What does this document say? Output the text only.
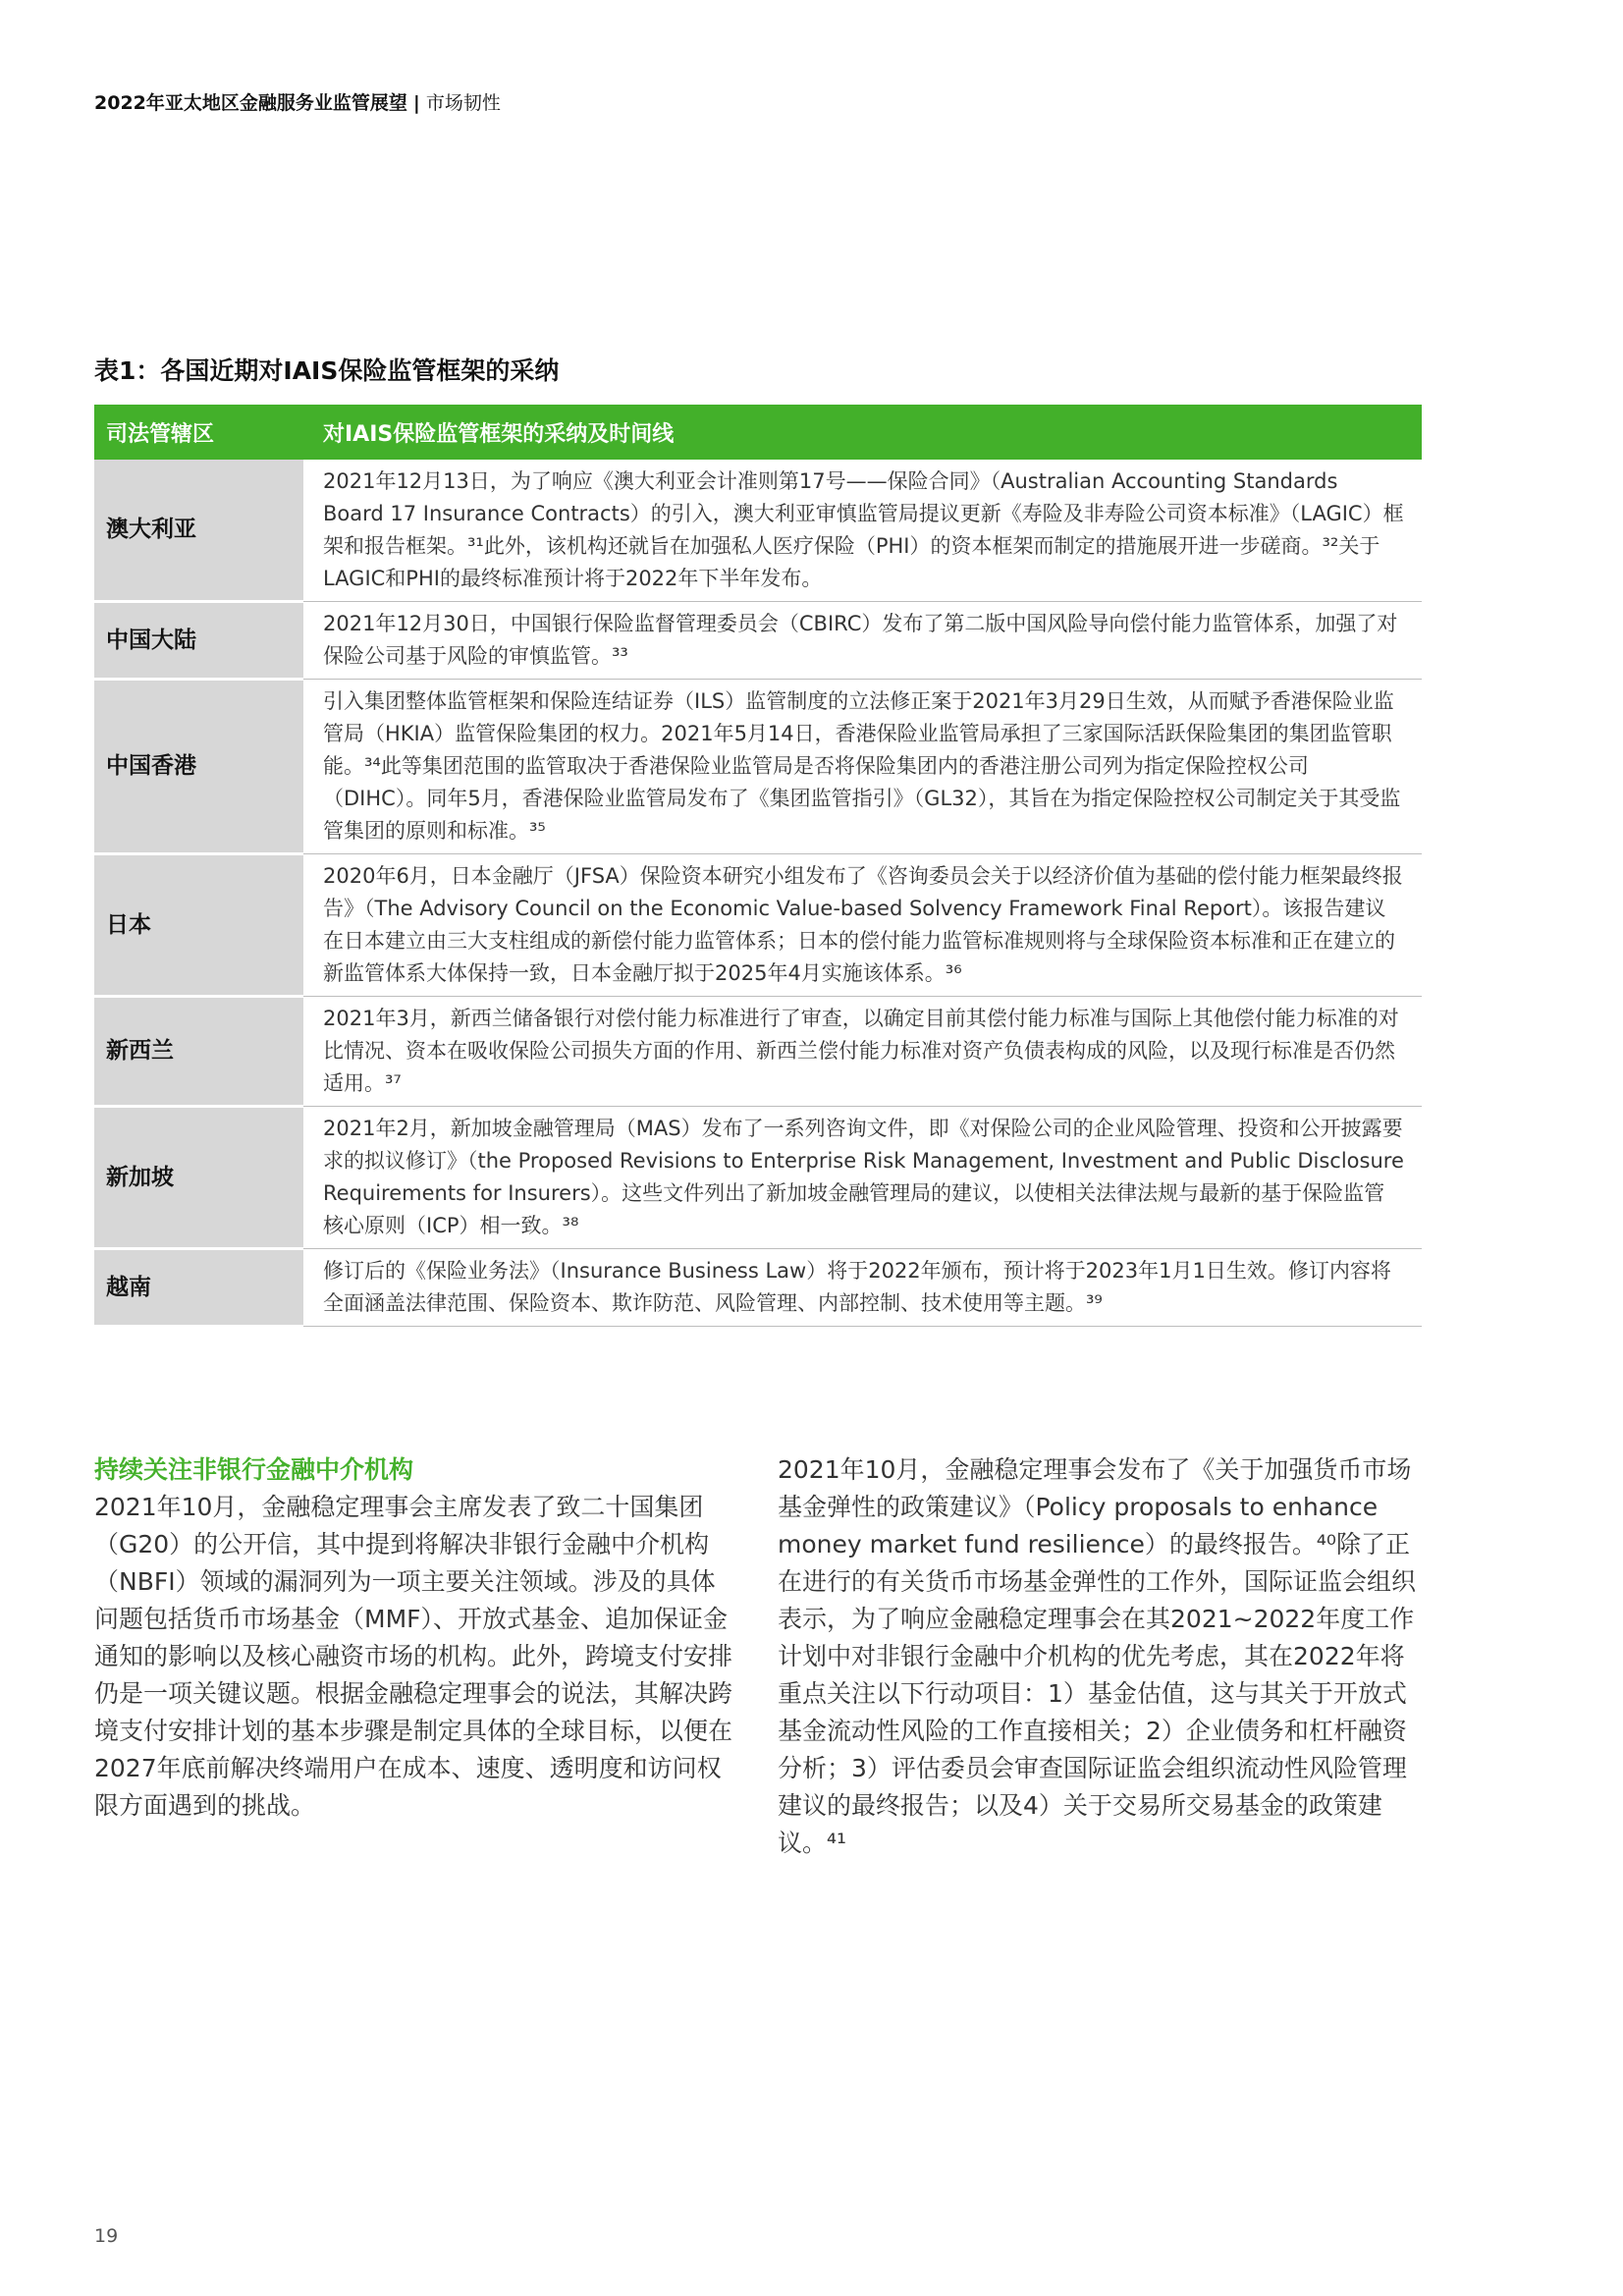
2022年亚太地区金融服务业监管展望 | 市场韧性
表1：各国近期对IAIS保险监管框架的采纳
司法管辖区	对IAIS保险监管框架的采纳及时间线
澳大利亚	2021年12月13日，为了响应《澳大利亚会计准则第17号——保险合同》（Australian Accounting Standards Board 17 Insurance Contracts）的引入，澳大利亚审慎监管局提议更新《寿险及非寿险公司资本标准》（LAGIC）框架和报告框架。³¹此外，该机构还就旨在加强私人医疗保险（PHI）的资本框架而制定的措施展开进一步磋商。³²关于LAGIC和PHI的最终标准预计将于2022年下半年发布。
中国大陆	2021年12月30日，中国银行保险监督管理委员会（CBIRC）发布了第二版中国风险导向偿付能力监管体系，加强了对保险公司基于风险的审慎监管。³³
中国香港	引入集团整体监管框架和保险连结证券（ILS）监管制度的立法修正案于2021年3月29日生效，从而赋予香港保险业监管局（HKIA）监管保险集团的权力。2021年5月14日，香港保险业监管局承担了三家国际活跃保险集团的集团监管职能。³⁴此等集团范围的监管取决于香港保险业监管局是否将保险集团内的香港注册公司列为指定保险控权公司（DIHC）。同年5月，香港保险业监管局发布了《集团监管指引》（GL32），其旨在为指定保险控权公司制定关于其受监管集团的原则和标准。³⁵
日本	2020年6月，日本金融厅（JFSA）保险资本研究小组发布了《咨询委员会关于以经济价值为基础的偿付能力框架最终报告》（The Advisory Council on the Economic Value-based Solvency Framework Final Report）。该报告建议在日本建立由三大支柱组成的新偿付能力监管体系；日本的偿付能力监管标准规则将与全球保险资本标准和正在建立的新监管体系大体保持一致，日本金融厅拟于2025年4月实施该体系。³⁶
新西兰	2021年3月，新西兰储备银行对偿付能力标准进行了审查，以确定目前其偿付能力标准与国际上其他偿付能力标准的对比情况、资本在吸收保险公司损失方面的作用、新西兰偿付能力标准对资产负债表构成的风险，以及现行标准是否仍然适用。³⁷
新加坡	2021年2月，新加坡金融管理局（MAS）发布了一系列咨询文件，即《对保险公司的企业风险管理、投资和公开披露要求的拟议修订》（the Proposed Revisions to Enterprise Risk Management, Investment and Public Disclosure Requirements for Insurers）。这些文件列出了新加坡金融管理局的建议，以使相关法律法规与最新的基于保险监管核心原则（ICP）相一致。³⁸
越南	修订后的《保险业务法》（Insurance Business Law）将于2022年颁布，预计将于2023年1月1日生效。修订内容将全面涵盖法律范围、保险资本、欺诈防范、风险管理、内部控制、技术使用等主题。³⁹
持续关注非银行金融中介机构
2021年10月，金融稳定理事会主席发表了致二十国集团（G20）的公开信，其中提到将解决非银行金融中介机构（NBFI）领域的漏洞列为一项主要关注领域。涉及的具体问题包括货币市场基金（MMF）、开放式基金、追加保证金通知的影响以及核心融资市场的机构。此外，跨境支付安排仍是一项关键议题。根据金融稳定理事会的说法，其解决跨境支付安排计划的基本步骤是制定具体的全球目标，以便在2027年底前解决终端用户在成本、速度、透明度和访问权限方面遇到的挑战。
2021年10月，金融稳定理事会发布了《关于加强货币市场基金弹性的政策建议》（Policy proposals to enhance money market fund resilience）的最终报告。⁴⁰除了正在进行的有关货币市场基金弹性的工作外，国际证监会组织表示，为了响应金融稳定理事会在其2021~2022年度工作计划中对非银行金融中介机构的优先考虑，其在2022年将重点关注以下行动项目：1）基金估值，这与其关于开放式基金流动性风险的工作直接相关；2）企业债务和杠杆融资分析；3）评估委员会审查国际证监会组织流动性风险管理建议的最终报告；以及4）关于交易所交易基金的政策建议。⁴¹
19
